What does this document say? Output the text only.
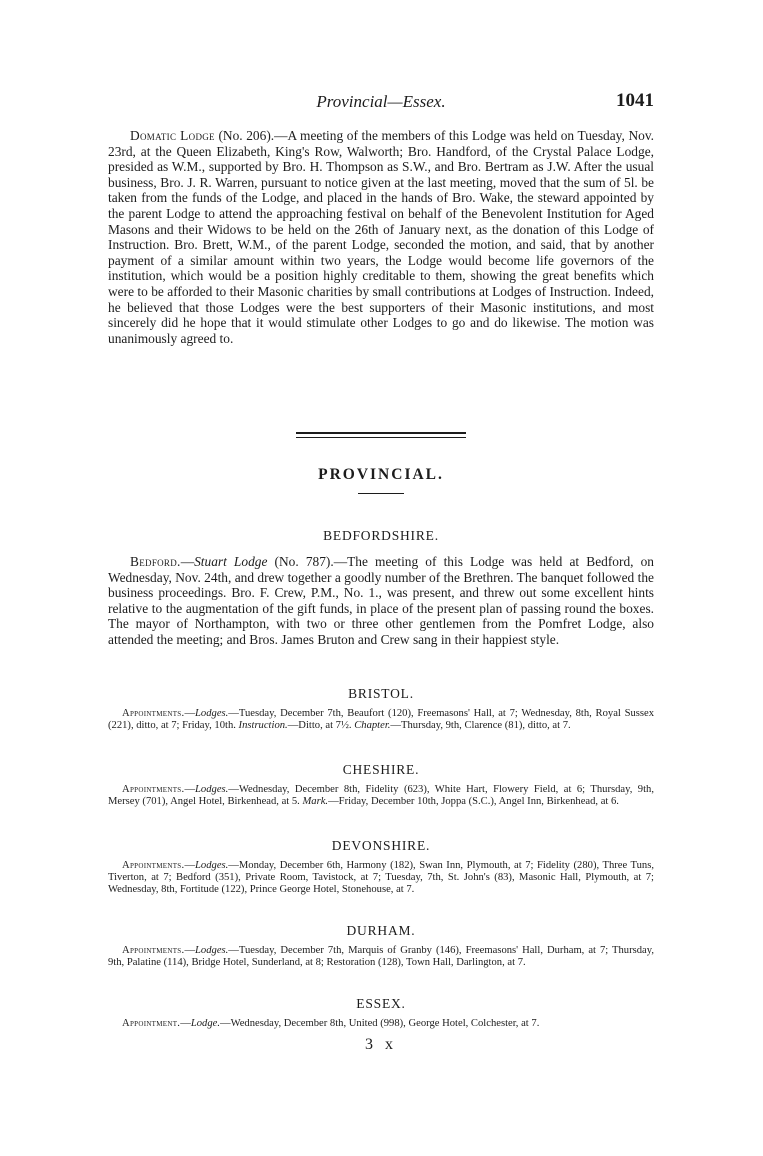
Provincial—Essex.	1041

Domatic Lodge (No. 206).—A meeting of the members of this Lodge was held on Tuesday, Nov. 23rd, at the Queen Elizabeth, King's Row, Walworth; Bro. Handford, of the Crystal Palace Lodge, presided as W.M., supported by Bro. H. Thompson as S.W., and Bro. Bertram as J.W. After the usual business, Bro. J. R. Warren, pursuant to notice given at the last meeting, moved that the sum of 5l. be taken from the funds of the Lodge, and placed in the hands of Bro. Wake, the steward appointed by the parent Lodge to attend the approaching festival on behalf of the Benevolent Institution for Aged Masons and their Widows to be held on the 26th of January next, as the donation of this Lodge of Instruction. Bro. Brett, W.M., of the parent Lodge, seconded the motion, and said, that by another payment of a similar amount within two years, the Lodge would become life governors of the institution, which would be a position highly creditable to them, showing the great benefits which were to be afforded to their Masonic charities by small contributions at Lodges of Instruction. Indeed, he believed that those Lodges were the best supporters of their Masonic institutions, and most sincerely did he hope that it would stimulate other Lodges to go and do likewise. The motion was unanimously agreed to.

PROVINCIAL.
BEDFORDSHIRE.

Bedford.—Stuart Lodge (No. 787).—The meeting of this Lodge was held at Bedford, on Wednesday, Nov. 24th, and drew together a goodly number of the Brethren. The banquet followed the business proceedings. Bro. F. Crew, P.M., No. 1., was present, and threw out some excellent hints relative to the augmentation of the gift funds, in place of the present plan of passing round the boxes. The mayor of Northampton, with two or three other gentlemen from the Pomfret Lodge, also attended the meeting; and Bros. James Bruton and Crew sang in their happiest style.

BRISTOL.

Appointments.—Lodges.—Tuesday, December 7th, Beaufort (120), Freemasons' Hall, at 7; Wednesday, 8th, Royal Sussex (221), ditto, at 7; Friday, 10th. Instruction.—Ditto, at 7½. Chapter.—Thursday, 9th, Clarence (81), ditto, at 7.

CHESHIRE.

Appointments.—Lodges.—Wednesday, December 8th, Fidelity (623), White Hart, Flowery Field, at 6; Thursday, 9th, Mersey (701), Angel Hotel, Birkenhead, at 5. Mark.—Friday, December 10th, Joppa (S.C.), Angel Inn, Birkenhead, at 6.

DEVONSHIRE.

Appointments.—Lodges.—Monday, December 6th, Harmony (182), Swan Inn, Plymouth, at 7; Fidelity (280), Three Tuns, Tiverton, at 7; Bedford (351), Private Room, Tavistock, at 7; Tuesday, 7th, St. John's (83), Masonic Hall, Plymouth, at 7; Wednesday, 8th, Fortitude (122), Prince George Hotel, Stonehouse, at 7.

DURHAM.

Appointments.—Lodges.—Tuesday, December 7th, Marquis of Granby (146), Freemasons' Hall, Durham, at 7; Thursday, 9th, Palatine (114), Bridge Hotel, Sunderland, at 8; Restoration (128), Town Hall, Darlington, at 7.

ESSEX.

Appointment.—Lodge.—Wednesday, December 8th, United (998), George Hotel, Colchester, at 7.

3 x
